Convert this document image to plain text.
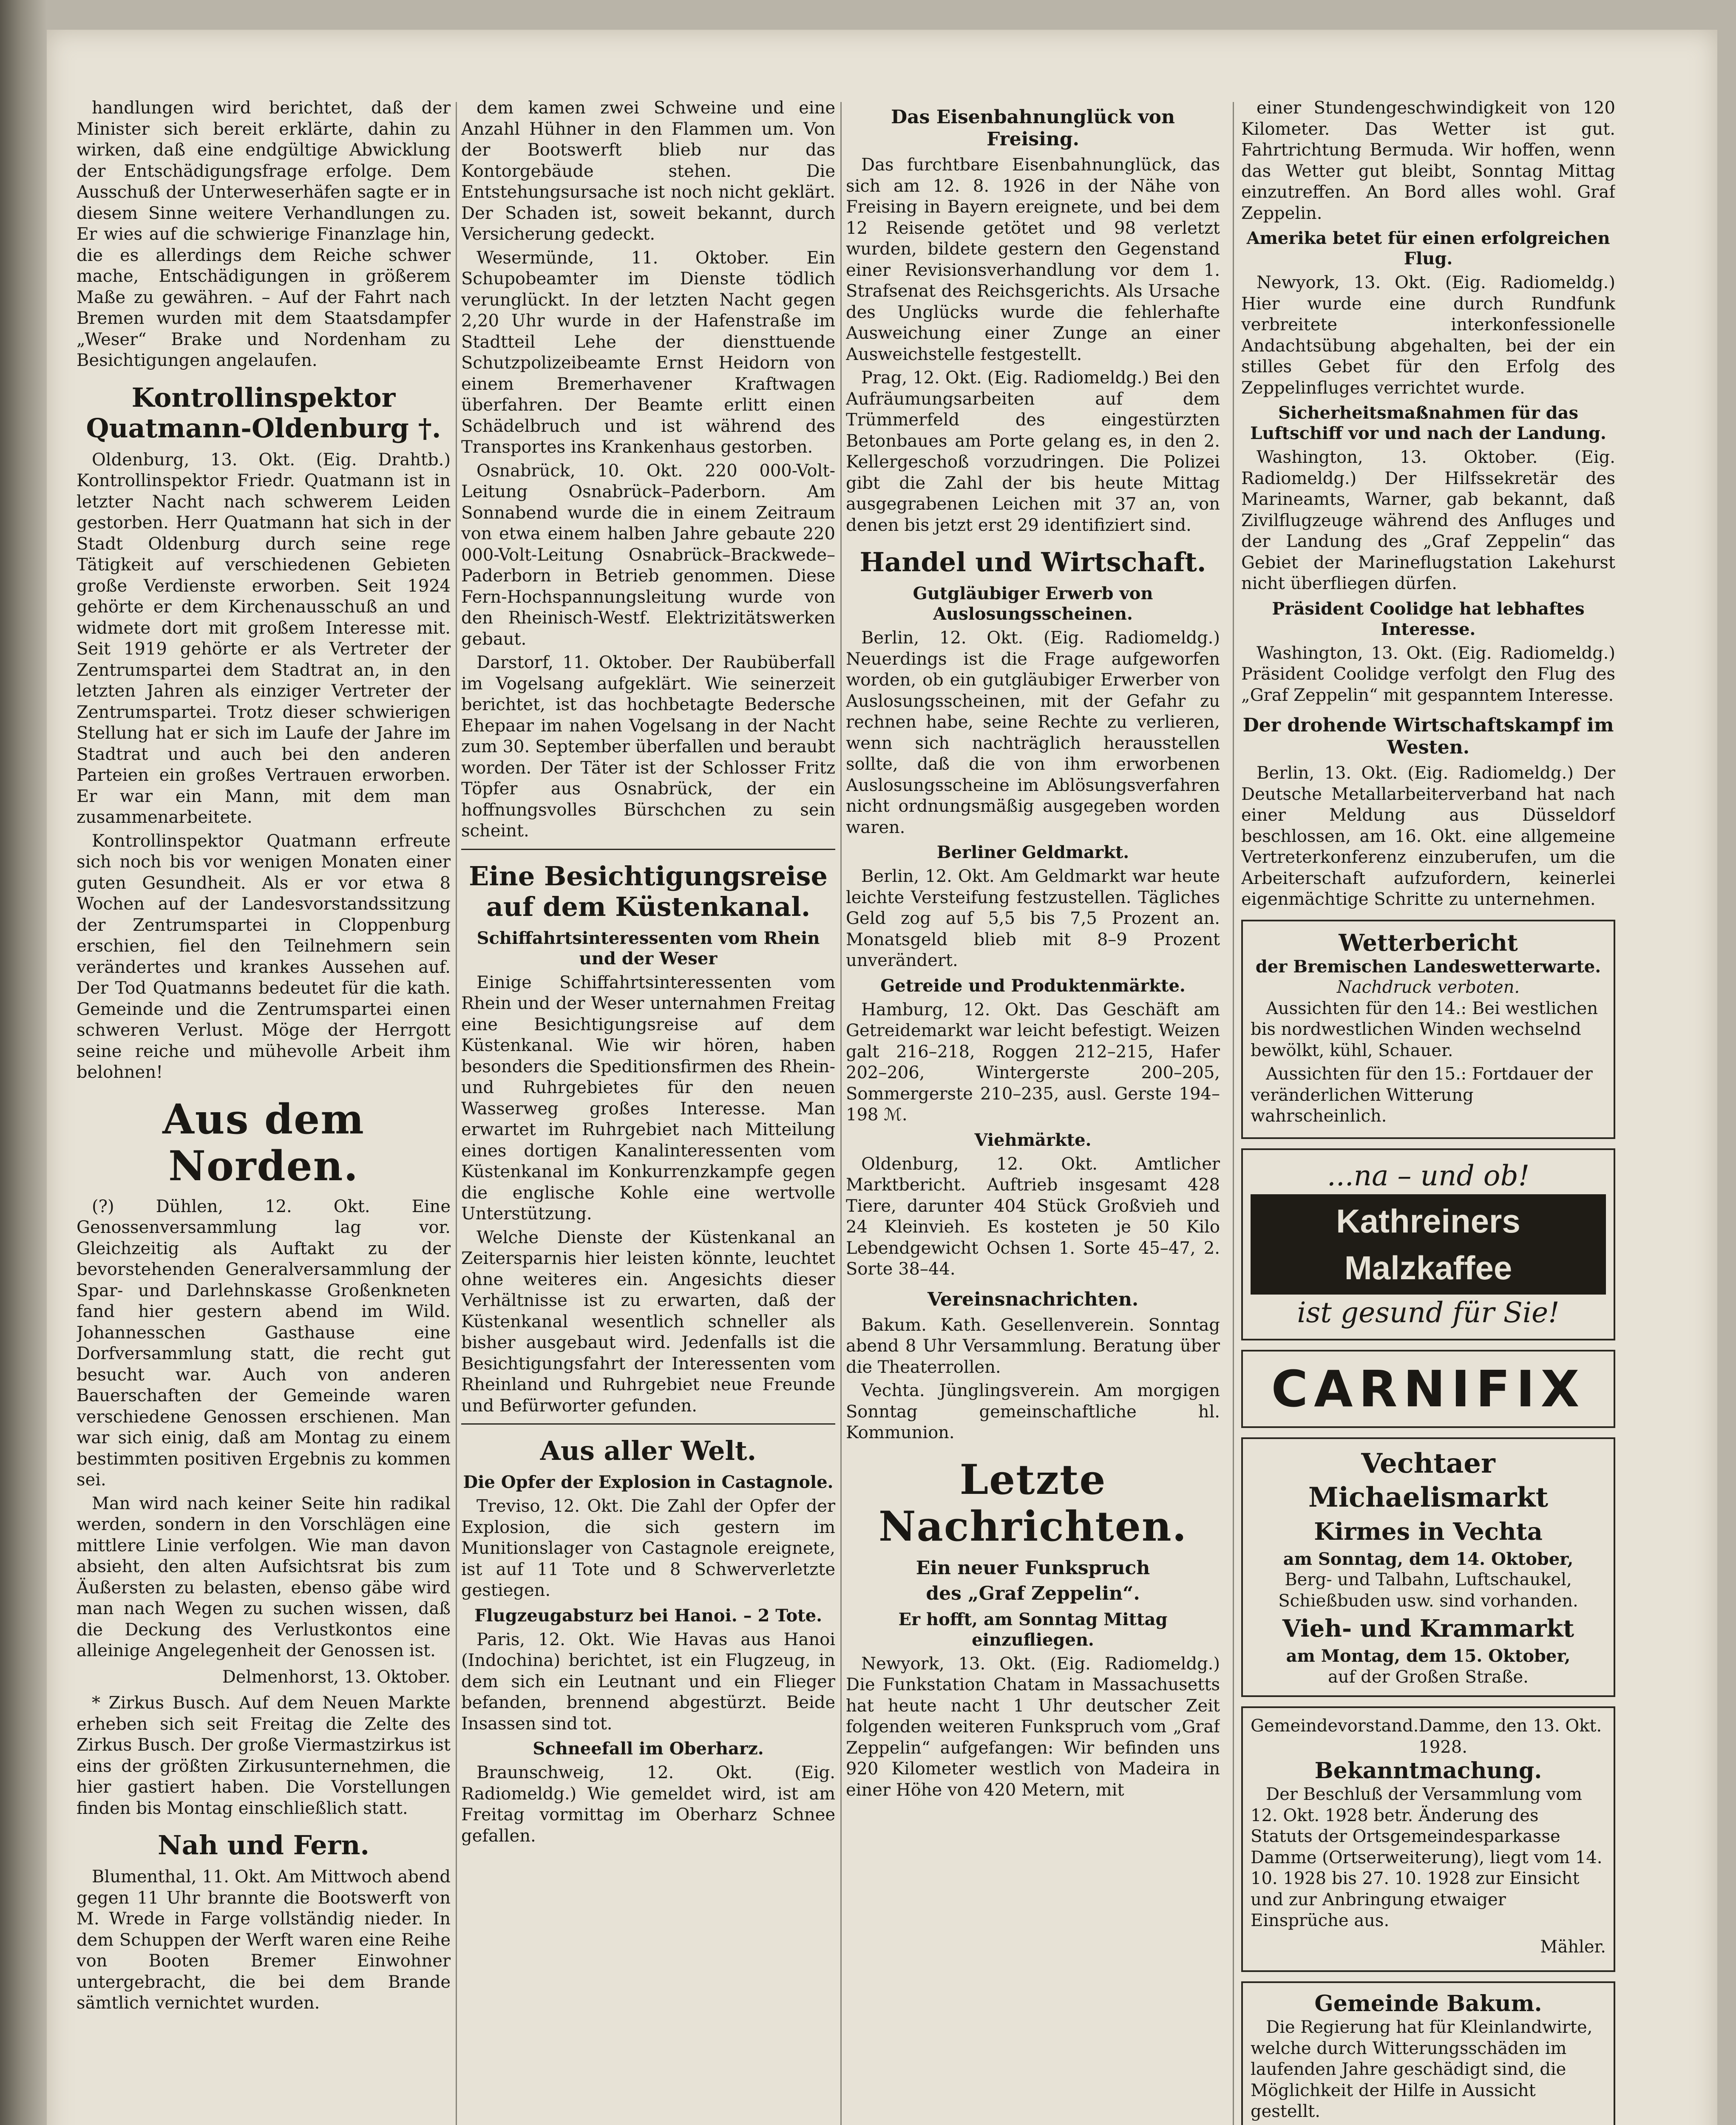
handlungen wird berichtet, daß der Minister sich bereit erklärte, dahin zu wirken, daß eine endgültige Abwicklung der Entschädigungsfrage erfolge. Dem Ausschuß der Unterweserhäfen sagte er in diesem Sinne weitere Verhandlungen zu. Er wies auf die schwierige Finanzlage hin, die es allerdings dem Reiche schwer mache, Entschädigungen in größerem Maße zu gewähren. – Auf der Fahrt nach Bremen wurden mit dem Staatsdampfer „Weser“ Brake und Nordenham zu Besichtigungen angelaufen.

Kontrollinspektor Quatmann-Oldenburg †.

Oldenburg, 13. Okt. (Eig. Drahtb.) Kontrollinspektor Friedr. Quatmann ist in letzter Nacht nach schwerem Leiden gestorben. Herr Quatmann hat sich in der Stadt Oldenburg durch seine rege Tätigkeit auf verschiedenen Gebieten große Verdienste erworben. Seit 1924 gehörte er dem Kirchenausschuß an und widmete dort mit großem Interesse mit. Seit 1919 gehörte er als Vertreter der Zentrumspartei dem Stadtrat an, in den letzten Jahren als einziger Vertreter der Zentrumspartei. Trotz dieser schwierigen Stellung hat er sich im Laufe der Jahre im Stadtrat und auch bei den anderen Parteien ein großes Vertrauen erworben. Er war ein Mann, mit dem man zusammenarbeitete.

Kontrollinspektor Quatmann erfreute sich noch bis vor wenigen Monaten einer guten Gesundheit. Als er vor etwa 8 Wochen auf der Landesvorstandssitzung der Zentrumspartei in Cloppenburg erschien, fiel den Teilnehmern sein verändertes und krankes Aussehen auf. Der Tod Quatmanns bedeutet für die kath. Gemeinde und die Zentrumspartei einen schweren Verlust. Möge der Herrgott seine reiche und mühevolle Arbeit ihm belohnen!

Aus dem Norden.

(?) Dühlen, 12. Okt. Eine Genossenversammlung lag vor. Gleichzeitig als Auftakt zu der bevorstehenden Generalversammlung der Spar- und Darlehnskasse Großenkneten fand hier gestern abend im Wild. Johannesschen Gasthause eine Dorfversammlung statt, die recht gut besucht war. Auch von anderen Bauerschaften der Gemeinde waren verschiedene Genossen erschienen. Man war sich einig, daß am Montag zu einem bestimmten positiven Ergebnis zu kommen sei.

Man wird nach keiner Seite hin radikal werden, sondern in den Vorschlägen eine mittlere Linie verfolgen. Wie man davon absieht, den alten Aufsichtsrat bis zum Äußersten zu belasten, ebenso gäbe wird man nach Wegen zu suchen wissen, daß die Deckung des Verlustkontos eine alleinige Angelegenheit der Genossen ist.

Delmenhorst, 13. Oktober.

* Zirkus Busch. Auf dem Neuen Markte erheben sich seit Freitag die Zelte des Zirkus Busch. Der große Viermastzirkus ist eins der größten Zirkusunternehmen, die hier gastiert haben. Die Vorstellungen finden bis Montag einschließlich statt.

Nah und Fern.

Blumenthal, 11. Okt. Am Mittwoch abend gegen 11 Uhr brannte die Bootswerft von M. Wrede in Farge vollständig nieder. In dem Schuppen der Werft waren eine Reihe von Booten Bremer Einwohner untergebracht, die bei dem Brande sämtlich vernichtet wurden.

dem kamen zwei Schweine und eine Anzahl Hühner in den Flammen um. Von der Bootswerft blieb nur das Kontorgebäude stehen. Die Entstehungsursache ist noch nicht geklärt. Der Schaden ist, soweit bekannt, durch Versicherung gedeckt.

Wesermünde, 11. Oktober. Ein Schupobeamter im Dienste tödlich verunglückt. In der letzten Nacht gegen 2,20 Uhr wurde in der Hafenstraße im Stadtteil Lehe der diensttuende Schutzpolizeibeamte Ernst Heidorn von einem Bremerhavener Kraftwagen überfahren. Der Beamte erlitt einen Schädelbruch und ist während des Transportes ins Krankenhaus gestorben.

Osnabrück, 10. Okt. 220 000-Volt-Leitung Osnabrück–Paderborn. Am Sonnabend wurde die in einem Zeitraum von etwa einem halben Jahre gebaute 220 000-Volt-Leitung Osnabrück–Brackwede–Paderborn in Betrieb genommen. Diese Fern-Hochspannungsleitung wurde von den Rheinisch-Westf. Elektrizitätswerken gebaut.

Darstorf, 11. Oktober. Der Raubüberfall im Vogelsang aufgeklärt. Wie seinerzeit berichtet, ist das hochbetagte Bedersche Ehepaar im nahen Vogelsang in der Nacht zum 30. September überfallen und beraubt worden. Der Täter ist der Schlosser Fritz Töpfer aus Osnabrück, der ein hoffnungsvolles Bürschchen zu sein scheint.

Eine Besichtigungsreise auf dem Küstenkanal.
Schiffahrtsinteressenten vom Rhein und der Weser

Einige Schiffahrtsinteressenten vom Rhein und der Weser unternahmen Freitag eine Besichtigungsreise auf dem Küstenkanal. Wie wir hören, haben besonders die Speditionsfirmen des Rhein- und Ruhrgebietes für den neuen Wasserweg großes Interesse. Man erwartet im Ruhrgebiet nach Mitteilung eines dortigen Kanalinteressenten vom Küstenkanal im Konkurrenzkampfe gegen die englische Kohle eine wertvolle Unterstützung.

Welche Dienste der Küstenkanal an Zeitersparnis hier leisten könnte, leuchtet ohne weiteres ein. Angesichts dieser Verhältnisse ist zu erwarten, daß der Küstenkanal wesentlich schneller als bisher ausgebaut wird. Jedenfalls ist die Besichtigungsfahrt der Interessenten vom Rheinland und Ruhrgebiet neue Freunde und Befürworter gefunden.

Aus aller Welt.
Die Opfer der Explosion in Castagnole.

Treviso, 12. Okt. Die Zahl der Opfer der Explosion, die sich gestern im Munitionslager von Castagnole ereignete, ist auf 11 Tote und 8 Schwerverletzte gestiegen.

Flugzeugabsturz bei Hanoi. – 2 Tote.

Paris, 12. Okt. Wie Havas aus Hanoi (Indochina) berichtet, ist ein Flugzeug, in dem sich ein Leutnant und ein Flieger befanden, brennend abgestürzt. Beide Insassen sind tot.

Schneefall im Oberharz.

Braunschweig, 12. Okt. (Eig. Radiomeldg.) Wie gemeldet wird, ist am Freitag vormittag im Oberharz Schnee gefallen.

Das Eisenbahnunglück von Freising.

Das furchtbare Eisenbahnunglück, das sich am 12. 8. 1926 in der Nähe von Freising in Bayern ereignete, und bei dem 12 Reisende getötet und 98 verletzt wurden, bildete gestern den Gegenstand einer Revisionsverhandlung vor dem 1. Strafsenat des Reichsgerichts. Als Ursache des Unglücks wurde die fehlerhafte Ausweichung einer Zunge an einer Ausweichstelle festgestellt.

Prag, 12. Okt. (Eig. Radiomeldg.) Bei den Aufräumungsarbeiten auf dem Trümmerfeld des eingestürzten Betonbaues am Porte gelang es, in den 2. Kellergeschoß vorzudringen. Die Polizei gibt die Zahl der bis heute Mittag ausgegrabenen Leichen mit 37 an, von denen bis jetzt erst 29 identifiziert sind.

Handel und Wirtschaft.
Gutgläubiger Erwerb von Auslosungsscheinen.

Berlin, 12. Okt. (Eig. Radiomeldg.) Neuerdings ist die Frage aufgeworfen worden, ob ein gutgläubiger Erwerber von Auslosungsscheinen, mit der Gefahr zu rechnen habe, seine Rechte zu verlieren, wenn sich nachträglich herausstellen sollte, daß die von ihm erworbenen Auslosungsscheine im Ablösungsverfahren nicht ordnungsmäßig ausgegeben worden waren.

Berliner Geldmarkt.

Berlin, 12. Okt. Am Geldmarkt war heute leichte Versteifung festzustellen. Tägliches Geld zog auf 5,5 bis 7,5 Prozent an. Monatsgeld blieb mit 8–9 Prozent unverändert.

Getreide und Produktenmärkte.

Hamburg, 12. Okt. Das Geschäft am Getreidemarkt war leicht befestigt. Weizen galt 216–218, Roggen 212–215, Hafer 202–206, Wintergerste 200–205, Sommergerste 210–235, ausl. Gerste 194–198 ℳ.

Viehmärkte.

Oldenburg, 12. Okt. Amtlicher Marktbericht. Auftrieb insgesamt 428 Tiere, darunter 404 Stück Großvieh und 24 Kleinvieh. Es kosteten je 50 Kilo Lebendgewicht Ochsen 1. Sorte 45–47, 2. Sorte 38–44.

Vereinsnachrichten.

Bakum. Kath. Gesellenverein. Sonntag abend 8 Uhr Versammlung. Beratung über die Theaterrollen.

Vechta. Jünglingsverein. Am morgigen Sonntag gemeinschaftliche hl. Kommunion.

Letzte Nachrichten.
Ein neuer Funkspruch
des „Graf Zeppelin“.
Er hofft, am Sonntag Mittag einzufliegen.

Newyork, 13. Okt. (Eig. Radiomeldg.) Die Funkstation Chatam in Massachusetts hat heute nacht 1 Uhr deutscher Zeit folgenden weiteren Funkspruch vom „Graf Zeppelin“ aufgefangen: Wir befinden uns 920 Kilometer westlich von Madeira in einer Höhe von 420 Metern, mit

einer Stundengeschwindigkeit von 120 Kilometer. Das Wetter ist gut. Fahrtrichtung Bermuda. Wir hoffen, wenn das Wetter gut bleibt, Sonntag Mittag einzutreffen. An Bord alles wohl. Graf Zeppelin.

Amerika betet für einen erfolgreichen Flug.

Newyork, 13. Okt. (Eig. Radiomeldg.) Hier wurde eine durch Rundfunk verbreitete interkonfessionelle Andachtsübung abgehalten, bei der ein stilles Gebet für den Erfolg des Zeppelinfluges verrichtet wurde.

Sicherheitsmaßnahmen für das Luftschiff vor und nach der Landung.

Washington, 13. Oktober. (Eig. Radiomeldg.) Der Hilfssekretär des Marineamts, Warner, gab bekannt, daß Zivilflugzeuge während des Anfluges und der Landung des „Graf Zeppelin“ das Gebiet der Marineflugstation Lakehurst nicht überfliegen dürfen.

Präsident Coolidge hat lebhaftes Interesse.

Washington, 13. Okt. (Eig. Radiomeldg.) Präsident Coolidge verfolgt den Flug des „Graf Zeppelin“ mit gespanntem Interesse.

Der drohende Wirtschaftskampf im Westen.

Berlin, 13. Okt. (Eig. Radiomeldg.) Der Deutsche Metallarbeiterverband hat nach einer Meldung aus Düsseldorf beschlossen, am 16. Okt. eine allgemeine Vertreterkonferenz einzuberufen, um die Arbeiterschaft aufzufordern, keinerlei eigenmächtige Schritte zu unternehmen.

Wetterbericht
der Bremischen Landeswetterwarte.
Nachdruck verboten.

Aussichten für den 14.: Bei westlichen bis nordwestlichen Winden wechselnd bewölkt, kühl, Schauer.

Aussichten für den 15.: Fortdauer der veränderlichen Witterung wahrscheinlich.

...na – und ob!
Kathreiners Malzkaffee
ist gesund für Sie!
CARNIFIX
Vechtaer Michaelismarkt
Kirmes in Vechta
am Sonntag, dem 14. Oktober,
Berg- und Talbahn, Luftschaukel, Schießbuden usw. sind vorhanden.
Vieh- und Krammarkt
am Montag, dem 15. Oktober,
auf der Großen Straße.
Gemeindevorstand. Damme, den 13. Okt. 1928.
Bekanntmachung.

Der Beschluß der Versammlung vom 12. Okt. 1928 betr. Änderung des Statuts der Ortsgemeindesparkasse Damme (Ortserweiterung), liegt vom 14. 10. 1928 bis 27. 10. 1928 zur Einsicht und zur Anbringung etwaiger Einsprüche aus.

Mähler.
Gemeinde Bakum.

Die Regierung hat für Kleinlandwirte, welche durch Witterungsschäden im laufenden Jahre geschädigt sind, die Möglichkeit der Hilfe in Aussicht gestellt.
